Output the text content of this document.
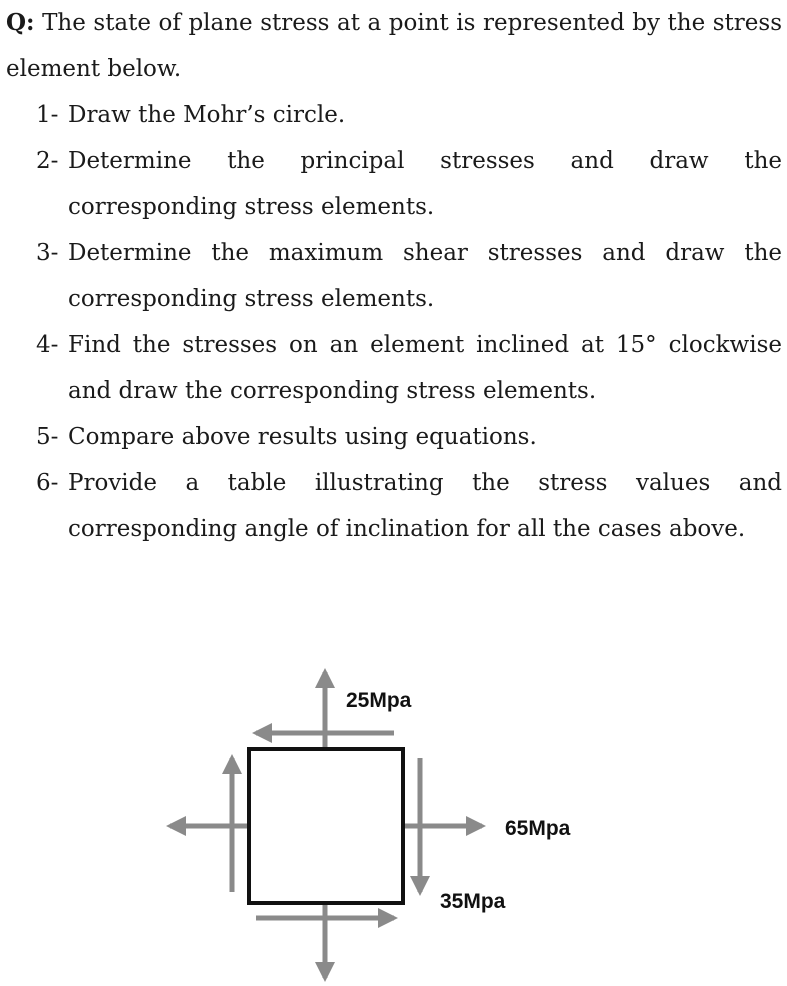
Q: The state of plane stress at a point is represented by the stress
element below.
1- Draw the Mohr’s circle.
2- Determine the principal stresses and draw the corresponding stress elements.
3- Determine the maximum shear stresses and draw the corresponding stress elements.
4- Find the stresses on an element inclined at 15° clockwise and draw the corresponding stress elements.
5- Compare above results using equations.
6- Provide a table illustrating the stress values and corresponding angle of inclination for all the cases above.
25Mpa
65Mpa
35Mpa
